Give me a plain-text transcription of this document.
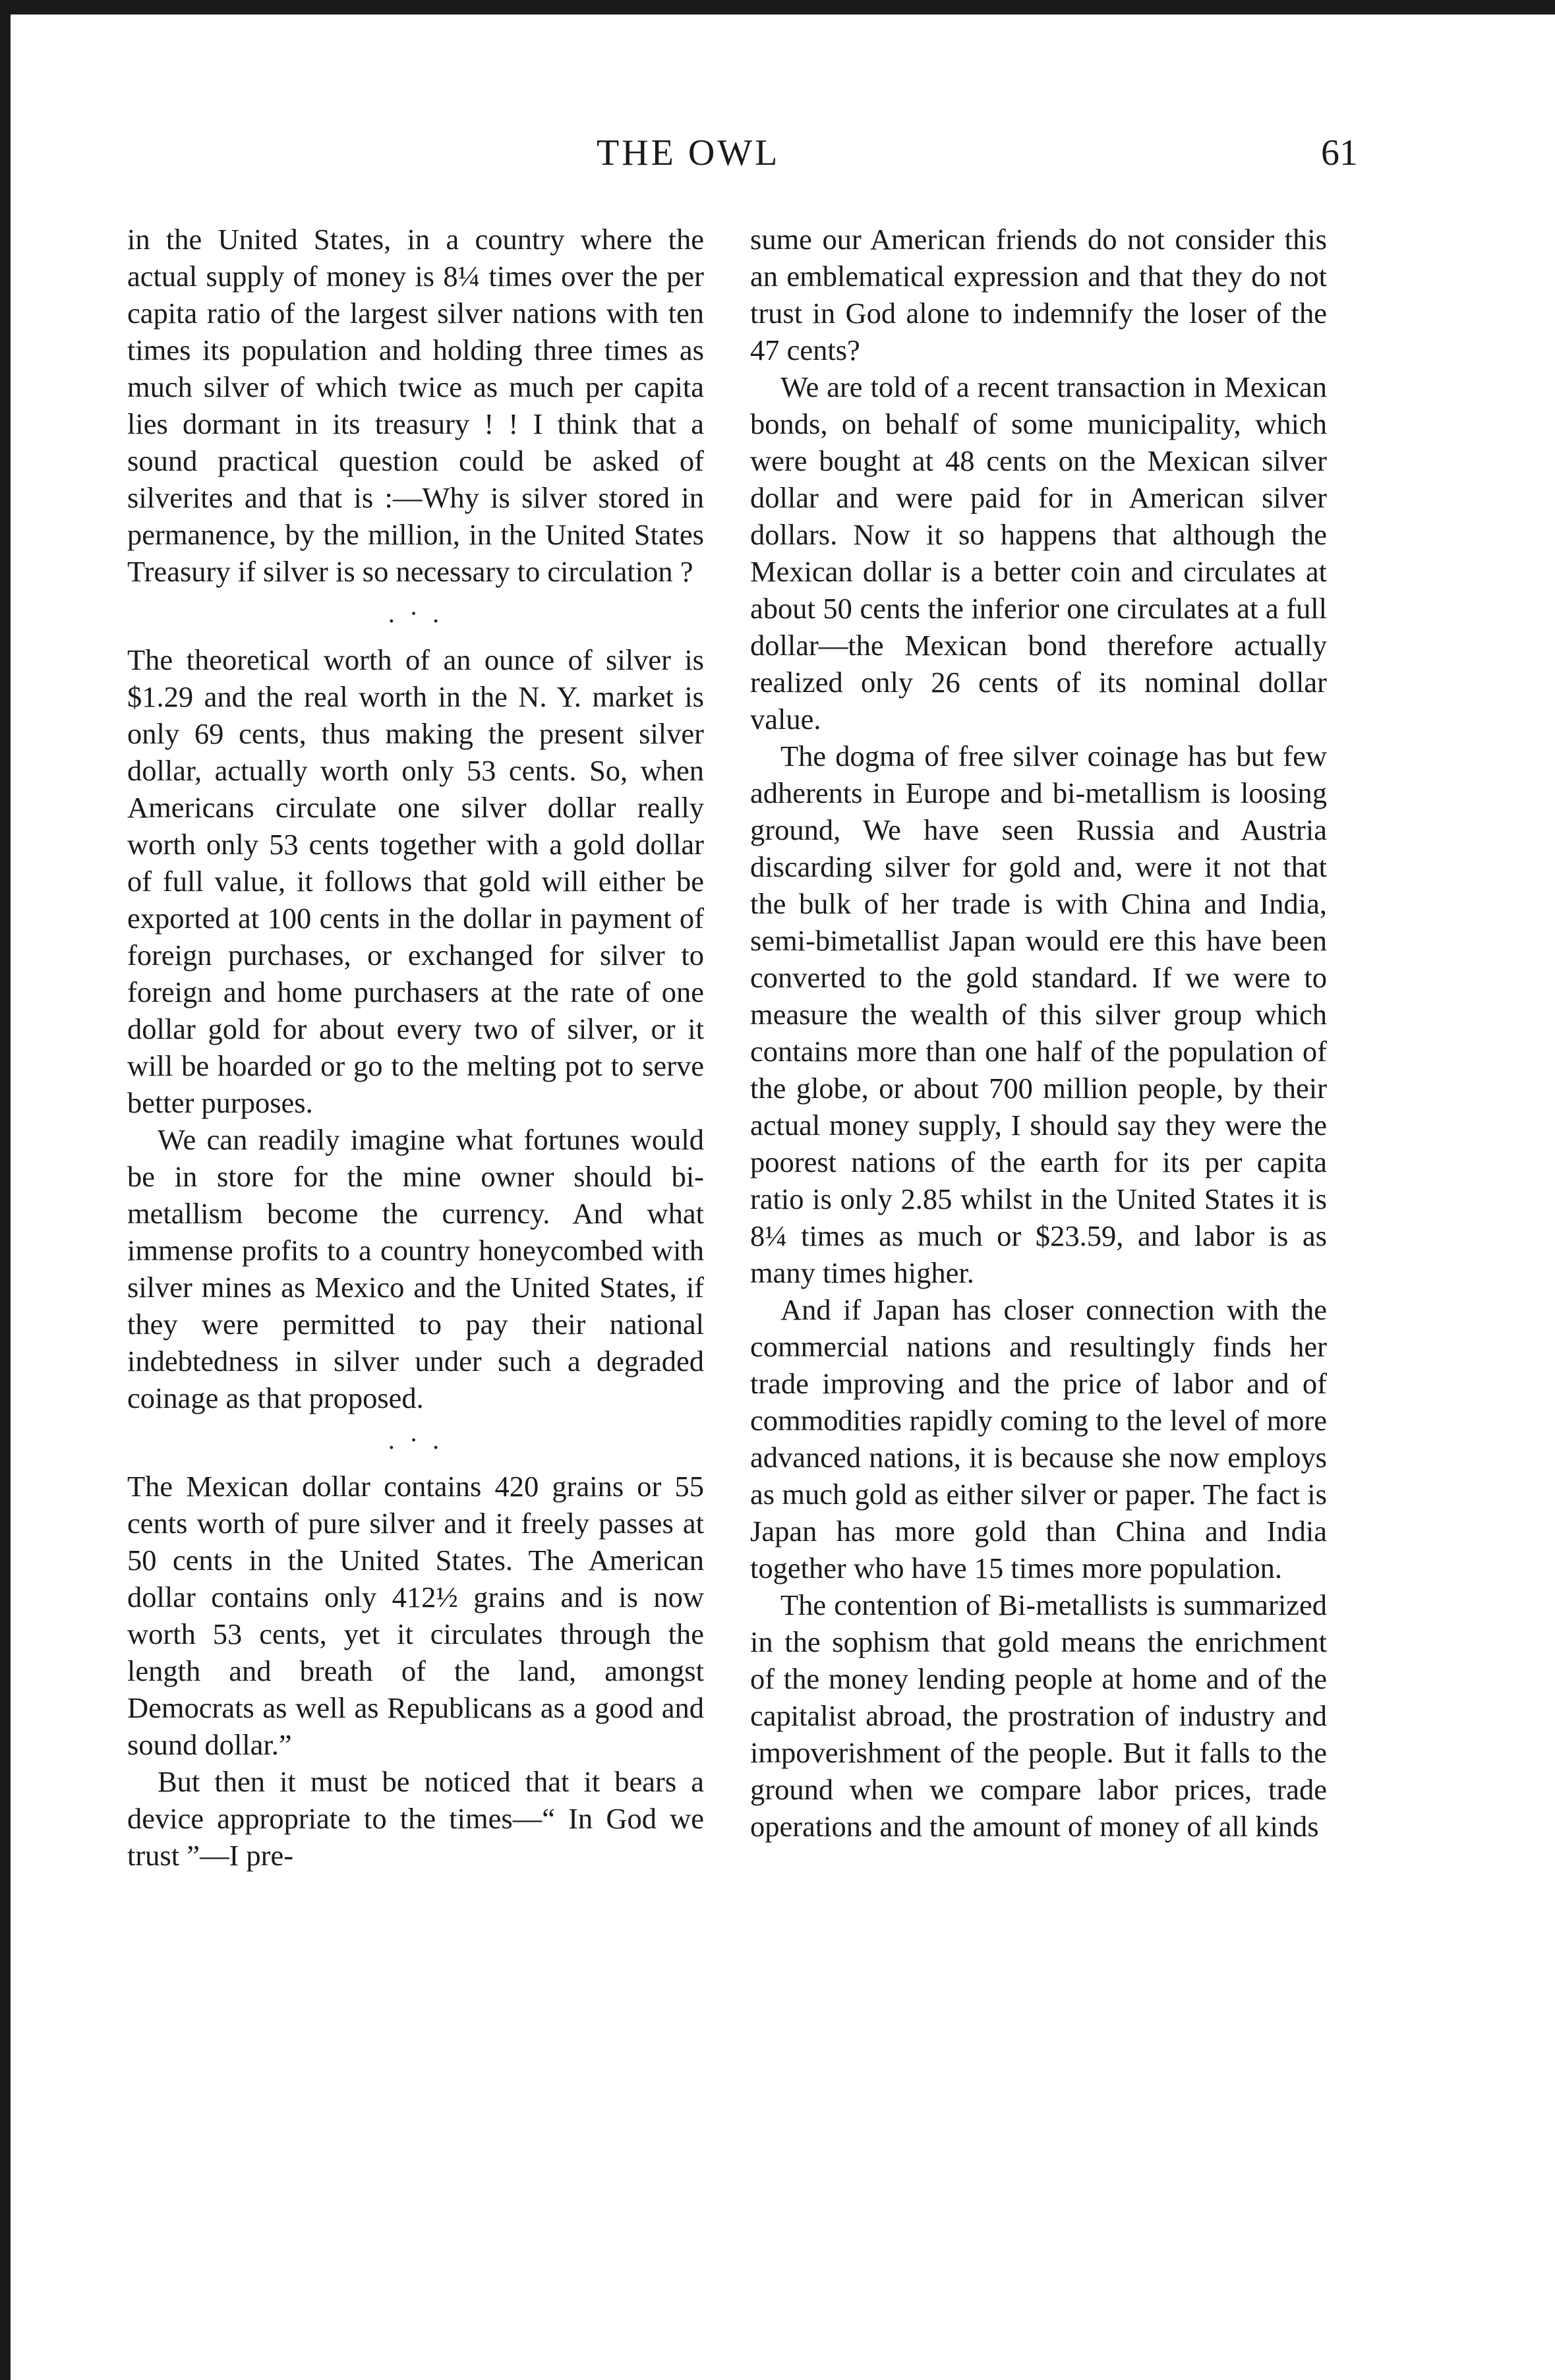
THE OWL	61

in the United States, in a country where the actual supply of money is 8¼ times over the per capita ratio of the largest silver nations with ten times its population and holding three times as much silver of which twice as much per capita lies dormant in its treasury ! ! I think that a sound practical question could be asked of silverites and that is :—Why is silver stored in permanence, by the million, in the United States Treasury if silver is so necessary to circulation ?

. · .

The theoretical worth of an ounce of silver is $1.29 and the real worth in the N. Y. market is only 69 cents, thus making the present silver dollar, actually worth only 53 cents. So, when Americans circulate one silver dollar really worth only 53 cents together with a gold dollar of full value, it follows that gold will either be exported at 100 cents in the dollar in payment of foreign purchases, or exchanged for silver to foreign and home purchasers at the rate of one dollar gold for about every two of silver, or it will be hoarded or go to the melting pot to serve better purposes.

We can readily imagine what fortunes would be in store for the mine owner should bi-metallism become the currency. And what immense profits to a country honeycombed with silver mines as Mexico and the United States, if they were permitted to pay their national indebtedness in silver under such a degraded coinage as that proposed.

. · .

The Mexican dollar contains 420 grains or 55 cents worth of pure silver and it freely passes at 50 cents in the United States. The American dollar contains only 412½ grains and is now worth 53 cents, yet it circulates through the length and breath of the land, amongst Democrats as well as Republicans as a good and sound dollar.”

But then it must be noticed that it bears a device appropriate to the times—“ In God we trust ”—I pre-

sume our American friends do not consider this an emblematical expression and that they do not trust in God alone to indemnify the loser of the 47 cents?

We are told of a recent transaction in Mexican bonds, on behalf of some municipality, which were bought at 48 cents on the Mexican silver dollar and were paid for in American silver dollars. Now it so happens that although the Mexican dollar is a better coin and circulates at about 50 cents the inferior one circulates at a full dollar—the Mexican bond therefore actually realized only 26 cents of its nominal dollar value.

The dogma of free silver coinage has but few adherents in Europe and bi-metallism is loosing ground, We have seen Russia and Austria discarding silver for gold and, were it not that the bulk of her trade is with China and India, semi-bimetallist Japan would ere this have been converted to the gold standard. If we were to measure the wealth of this silver group which contains more than one half of the population of the globe, or about 700 million people, by their actual money supply, I should say they were the poorest nations of the earth for its per capita ratio is only 2.85 whilst in the United States it is 8¼ times as much or $23.59, and labor is as many times higher.

And if Japan has closer connection with the commercial nations and resultingly finds her trade improving and the price of labor and of commodities rapidly coming to the level of more advanced nations, it is because she now employs as much gold as either silver or paper. The fact is Japan has more gold than China and India together who have 15 times more population.

The contention of Bi-metallists is summarized in the sophism that gold means the enrichment of the money lending people at home and of the capitalist abroad, the prostration of industry and impoverishment of the people. But it falls to the ground when we compare labor prices, trade operations and the amount of money of all kinds
